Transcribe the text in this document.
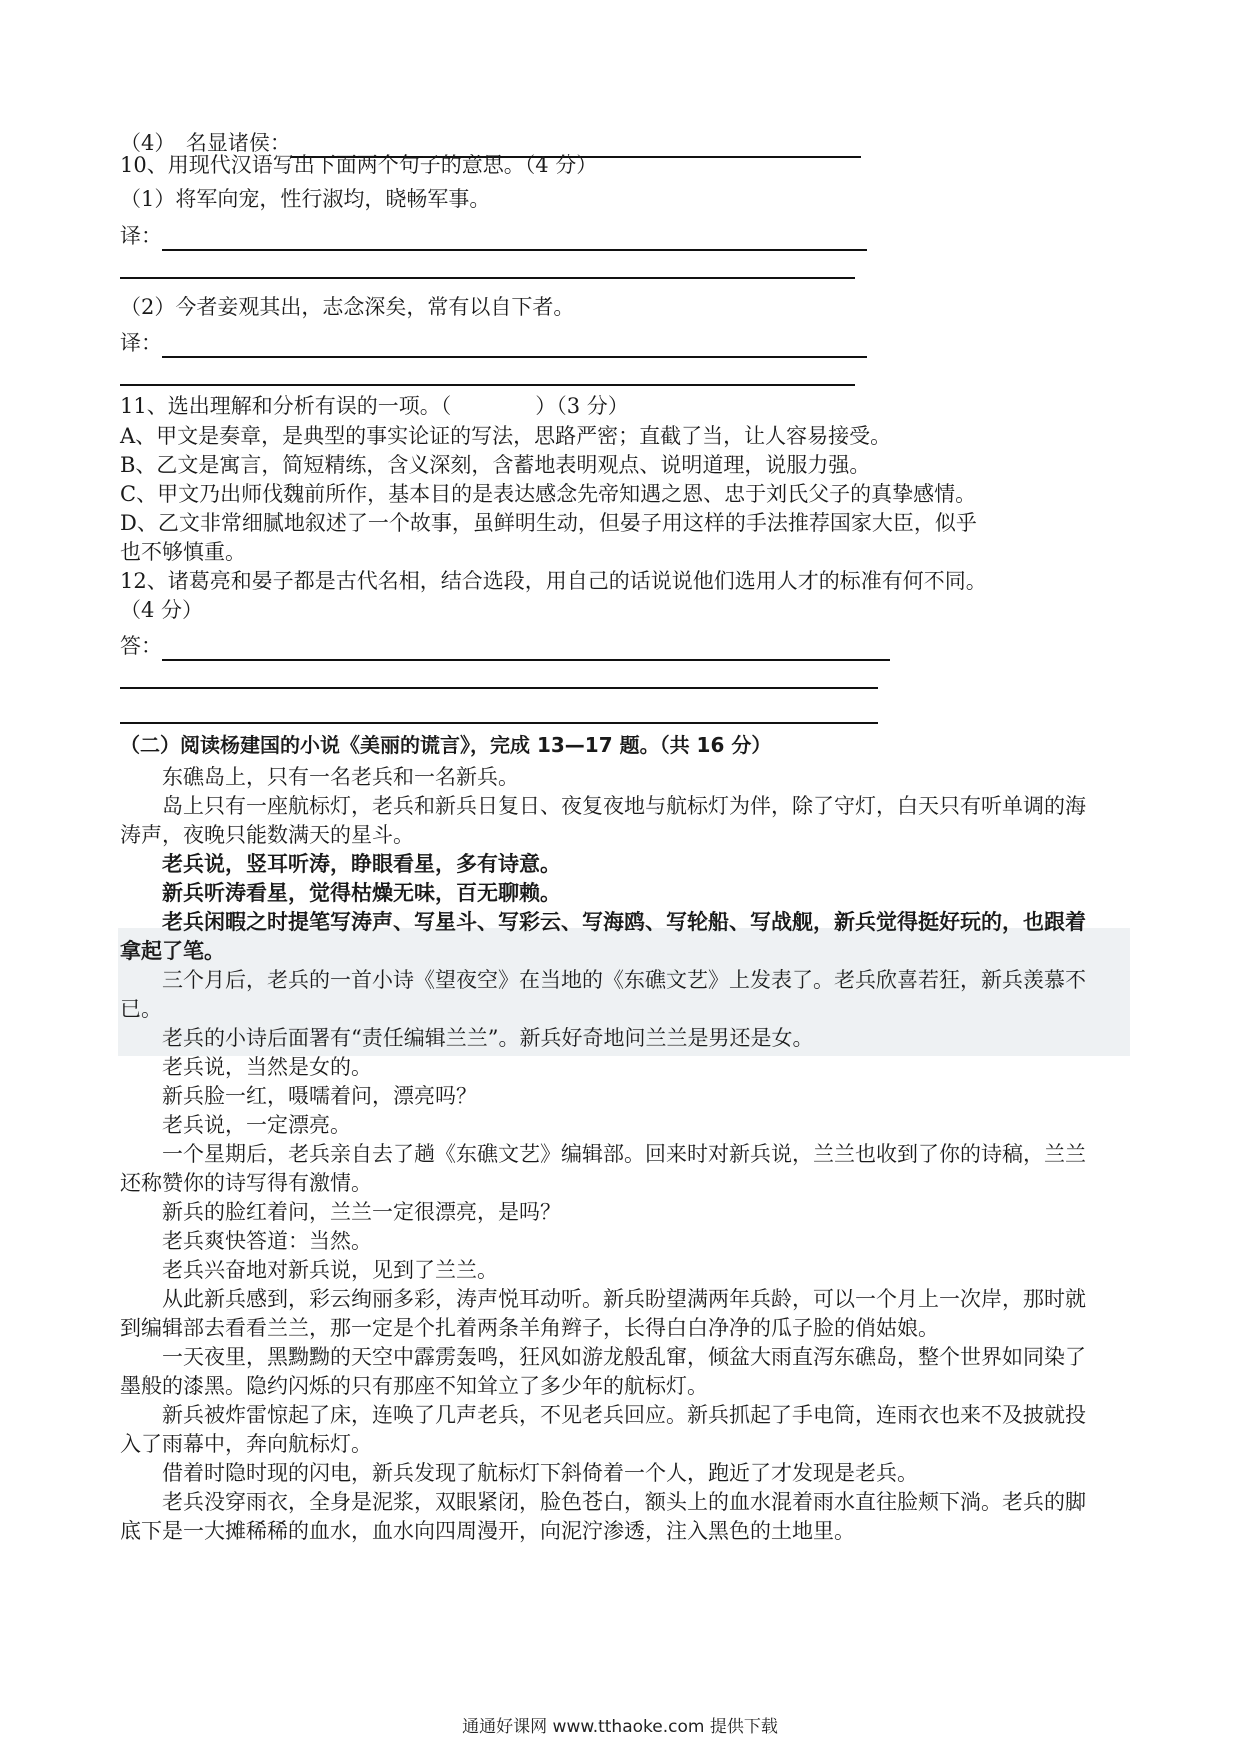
（4）　名显诸侯：
10、用现代汉语写出下面两个句子的意思。（4 分）
（1）将军向宠，性行淑均，晓畅军事。
译：
（2）今者妾观其出，志念深矣，常有以自下者。
译：
11、选出理解和分析有误的一项。（　　　　）（3 分）
A、甲文是奏章，是典型的事实论证的写法，思路严密；直截了当，让人容易接受。
B、乙文是寓言，简短精练，含义深刻，含蓄地表明观点、说明道理，说服力强。
C、甲文乃出师伐魏前所作，基本目的是表达感念先帝知遇之恩、忠于刘氏父子的真挚感情。
D、乙文非常细腻地叙述了一个故事，虽鲜明生动，但晏子用这样的手法推荐国家大臣，似乎
也不够慎重。
12、诸葛亮和晏子都是古代名相，结合选段，用自己的话说说他们选用人才的标准有何不同。
（4 分）
答：
（二）阅读杨建国的小说《美丽的谎言》，完成 13—17 题。（共 16 分）
东礁岛上，只有一名老兵和一名新兵。
岛上只有一座航标灯，老兵和新兵日复日、夜复夜地与航标灯为伴，除了守灯，白天只有听单调的海
涛声，夜晚只能数满天的星斗。
老兵说，竖耳听涛，睁眼看星，多有诗意。
新兵听涛看星，觉得枯燥无味，百无聊赖。
老兵闲暇之时提笔写涛声、写星斗、写彩云、写海鸥、写轮船、写战舰，新兵觉得挺好玩的，也跟着
拿起了笔。
三个月后，老兵的一首小诗《望夜空》在当地的《东礁文艺》上发表了。老兵欣喜若狂，新兵羡慕不
已。
老兵的小诗后面署有“责任编辑兰兰”。新兵好奇地问兰兰是男还是女。
老兵说，当然是女的。
新兵脸一红，嗫嚅着问，漂亮吗？
老兵说，一定漂亮。
一个星期后，老兵亲自去了趟《东礁文艺》编辑部。回来时对新兵说，兰兰也收到了你的诗稿，兰兰
还称赞你的诗写得有激情。
新兵的脸红着问，兰兰一定很漂亮，是吗？
老兵爽快答道：当然。
老兵兴奋地对新兵说，见到了兰兰。
从此新兵感到，彩云绚丽多彩，涛声悦耳动听。新兵盼望满两年兵龄，可以一个月上一次岸，那时就
到编辑部去看看兰兰，那一定是个扎着两条羊角辫子，长得白白净净的瓜子脸的俏姑娘。
一天夜里，黑黝黝的天空中霹雳轰鸣，狂风如游龙般乱窜，倾盆大雨直泻东礁岛，整个世界如同染了
墨般的漆黑。隐约闪烁的只有那座不知耸立了多少年的航标灯。
新兵被炸雷惊起了床，连唤了几声老兵，不见老兵回应。新兵抓起了手电筒，连雨衣也来不及披就投
入了雨幕中，奔向航标灯。
借着时隐时现的闪电，新兵发现了航标灯下斜倚着一个人，跑近了才发现是老兵。
老兵没穿雨衣，全身是泥浆，双眼紧闭，脸色苍白，额头上的血水混着雨水直往脸颊下淌。老兵的脚
底下是一大摊稀稀的血水，血水向四周漫开，向泥泞渗透，注入黑色的土地里。
通通好课网 www.tthaoke.com 提供下载
